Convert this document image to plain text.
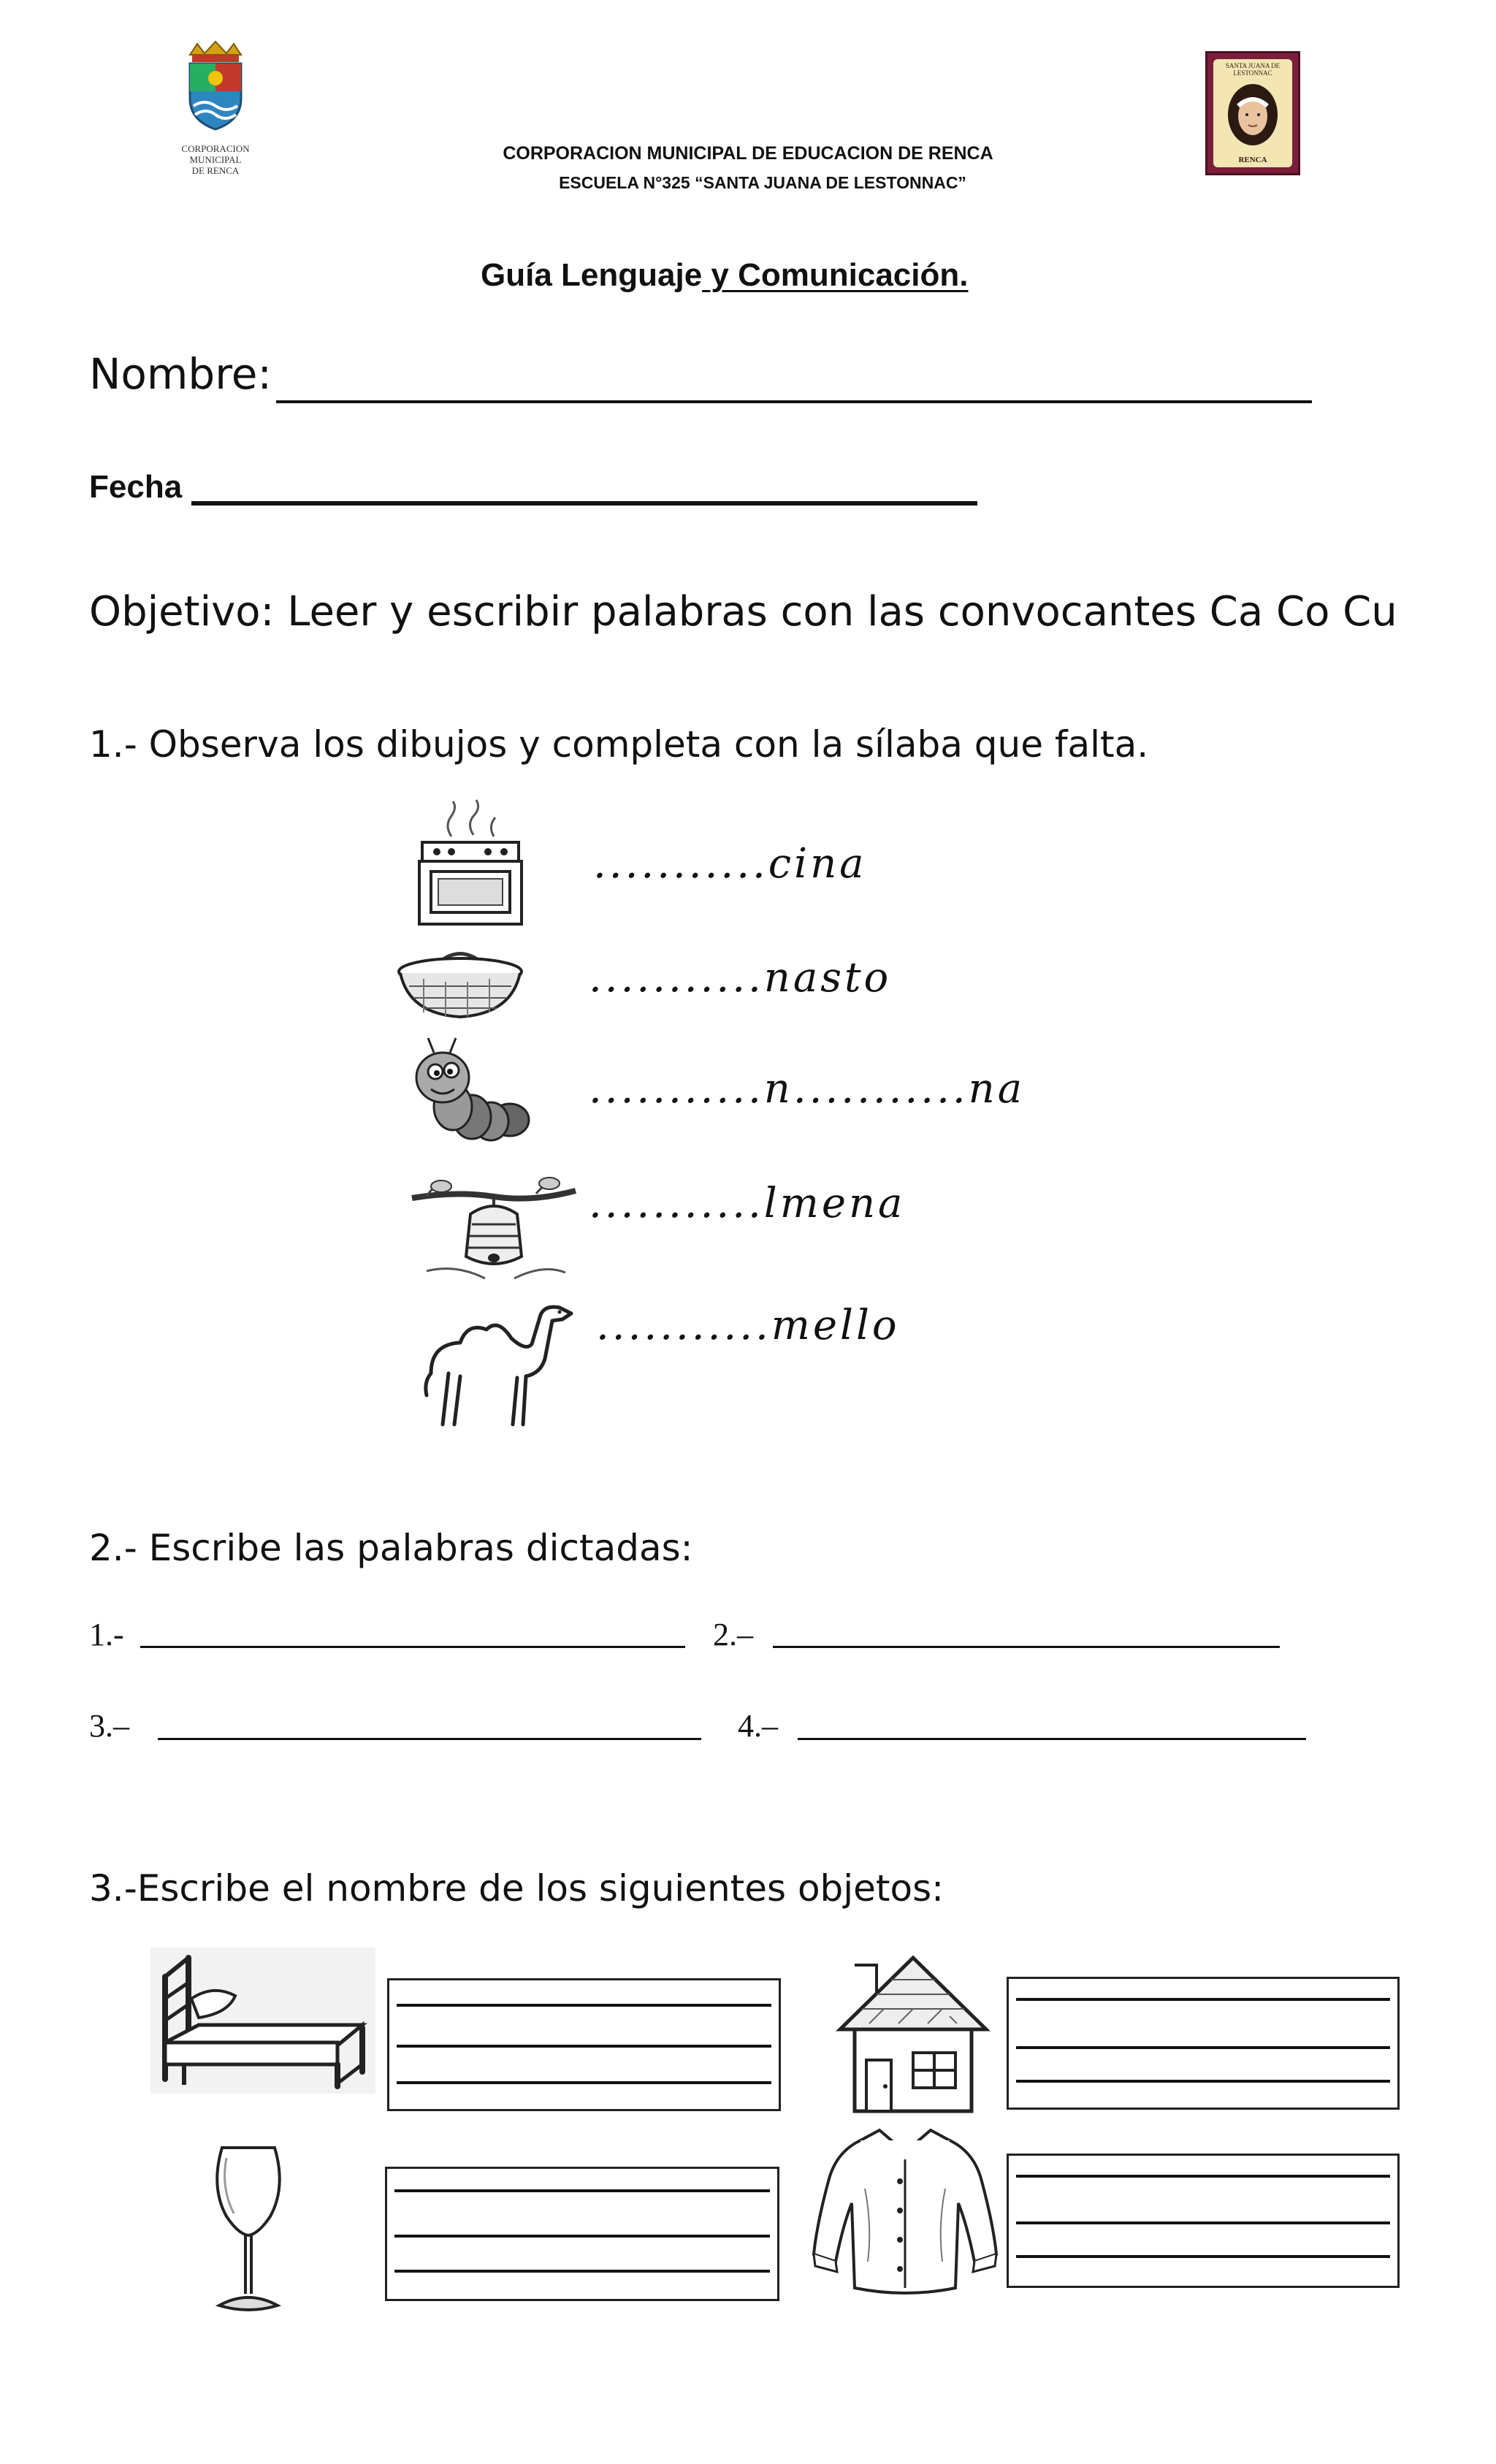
CORPORACION
MUNICIPAL
DE RENCA
CORPORACION MUNICIPAL DE EDUCACION DE RENCA
ESCUELA N°325 “SANTA JUANA DE LESTONNAC”
SANTA JUANA DE
LESTONNAC
RENCA
Guía Lenguaje y Comunicación.
Nombre:
Fecha
Objetivo: Leer y escribir palabras con las convocantes Ca Co Cu
1.- Observa los dibujos y completa con la sílaba que falta.
...........cina
...........nasto
...........n...........na
...........lmena
...........mello
2.- Escribe las palabras dictadas:
1.-	2.–
3.–	4.–
3.-Escribe el nombre de los siguientes objetos:
